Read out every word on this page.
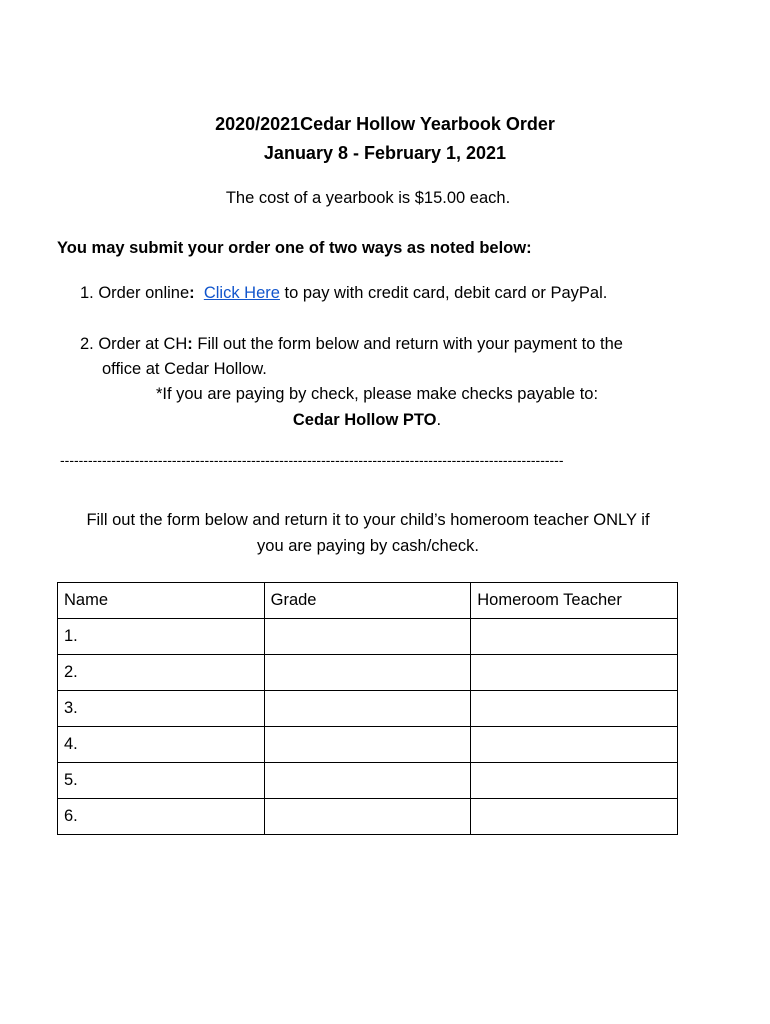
2020/2021Cedar Hollow Yearbook Order
January 8 - February 1, 2021
The cost of a yearbook is $15.00 each.
You may submit your order one of two ways as noted below:
1. Order online: Click Here to pay with credit card, debit card or PayPal.
2. Order at CH: Fill out the form below and return with your payment to the
office at Cedar Hollow.
*If you are paying by check, please make checks payable to:
Cedar Hollow PTO.
------------------------------------------------------------------------------------------------------------
Fill out the form below and return it to your child’s homeroom teacher ONLY if
you are paying by cash/check.
Name	Grade	Homeroom Teacher
1.		
2.		
3.		
4.		
5.		
6.		
